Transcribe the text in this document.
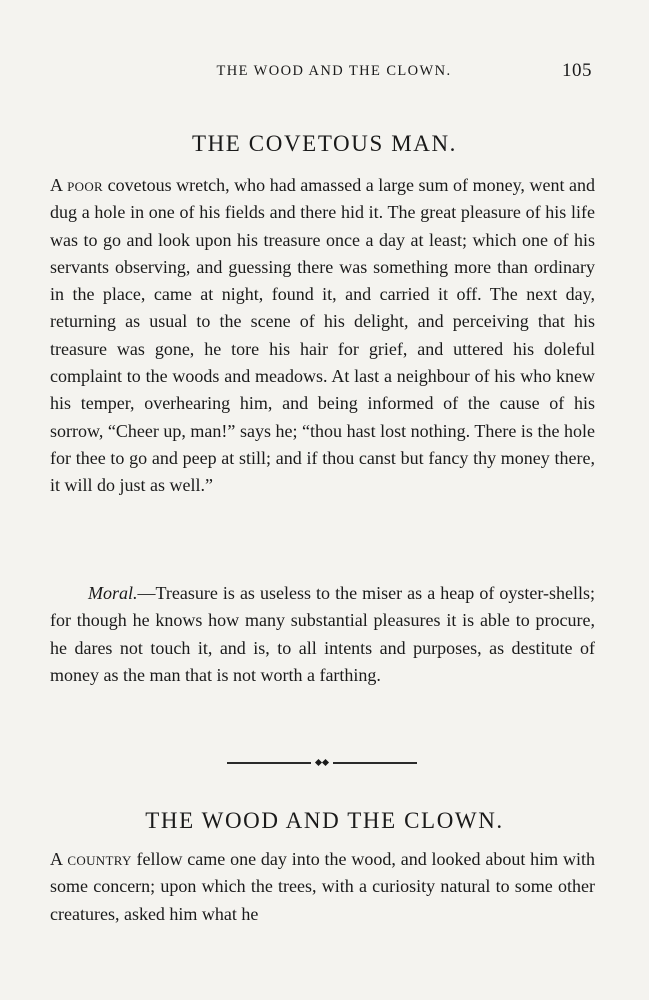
THE WOOD AND THE CLOWN.	105
THE COVETOUS MAN.

A poor covetous wretch, who had amassed a large sum of money, went and dug a hole in one of his fields and there hid it. The great pleasure of his life was to go and look upon his treasure once a day at least; which one of his servants observing, and guessing there was something more than ordinary in the place, came at night, found it, and carried it off. The next day, returning as usual to the scene of his delight, and perceiving that his treasure was gone, he tore his hair for grief, and uttered his doleful complaint to the woods and meadows. At last a neighbour of his who knew his temper, overhearing him, and being informed of the cause of his sorrow, “Cheer up, man!” says he; “thou hast lost nothing. There is the hole for thee to go and peep at still; and if thou canst but fancy thy money there, it will do just as well.”

Moral.—Treasure is as useless to the miser as a heap of oyster-shells; for though he knows how many substantial pleasures it is able to procure, he dares not touch it, and is, to all intents and purposes, as destitute of money as the man that is not worth a farthing.

THE WOOD AND THE CLOWN.

A country fellow came one day into the wood, and looked about him with some concern; upon which the trees, with a curiosity natural to some other creatures, asked him what he
